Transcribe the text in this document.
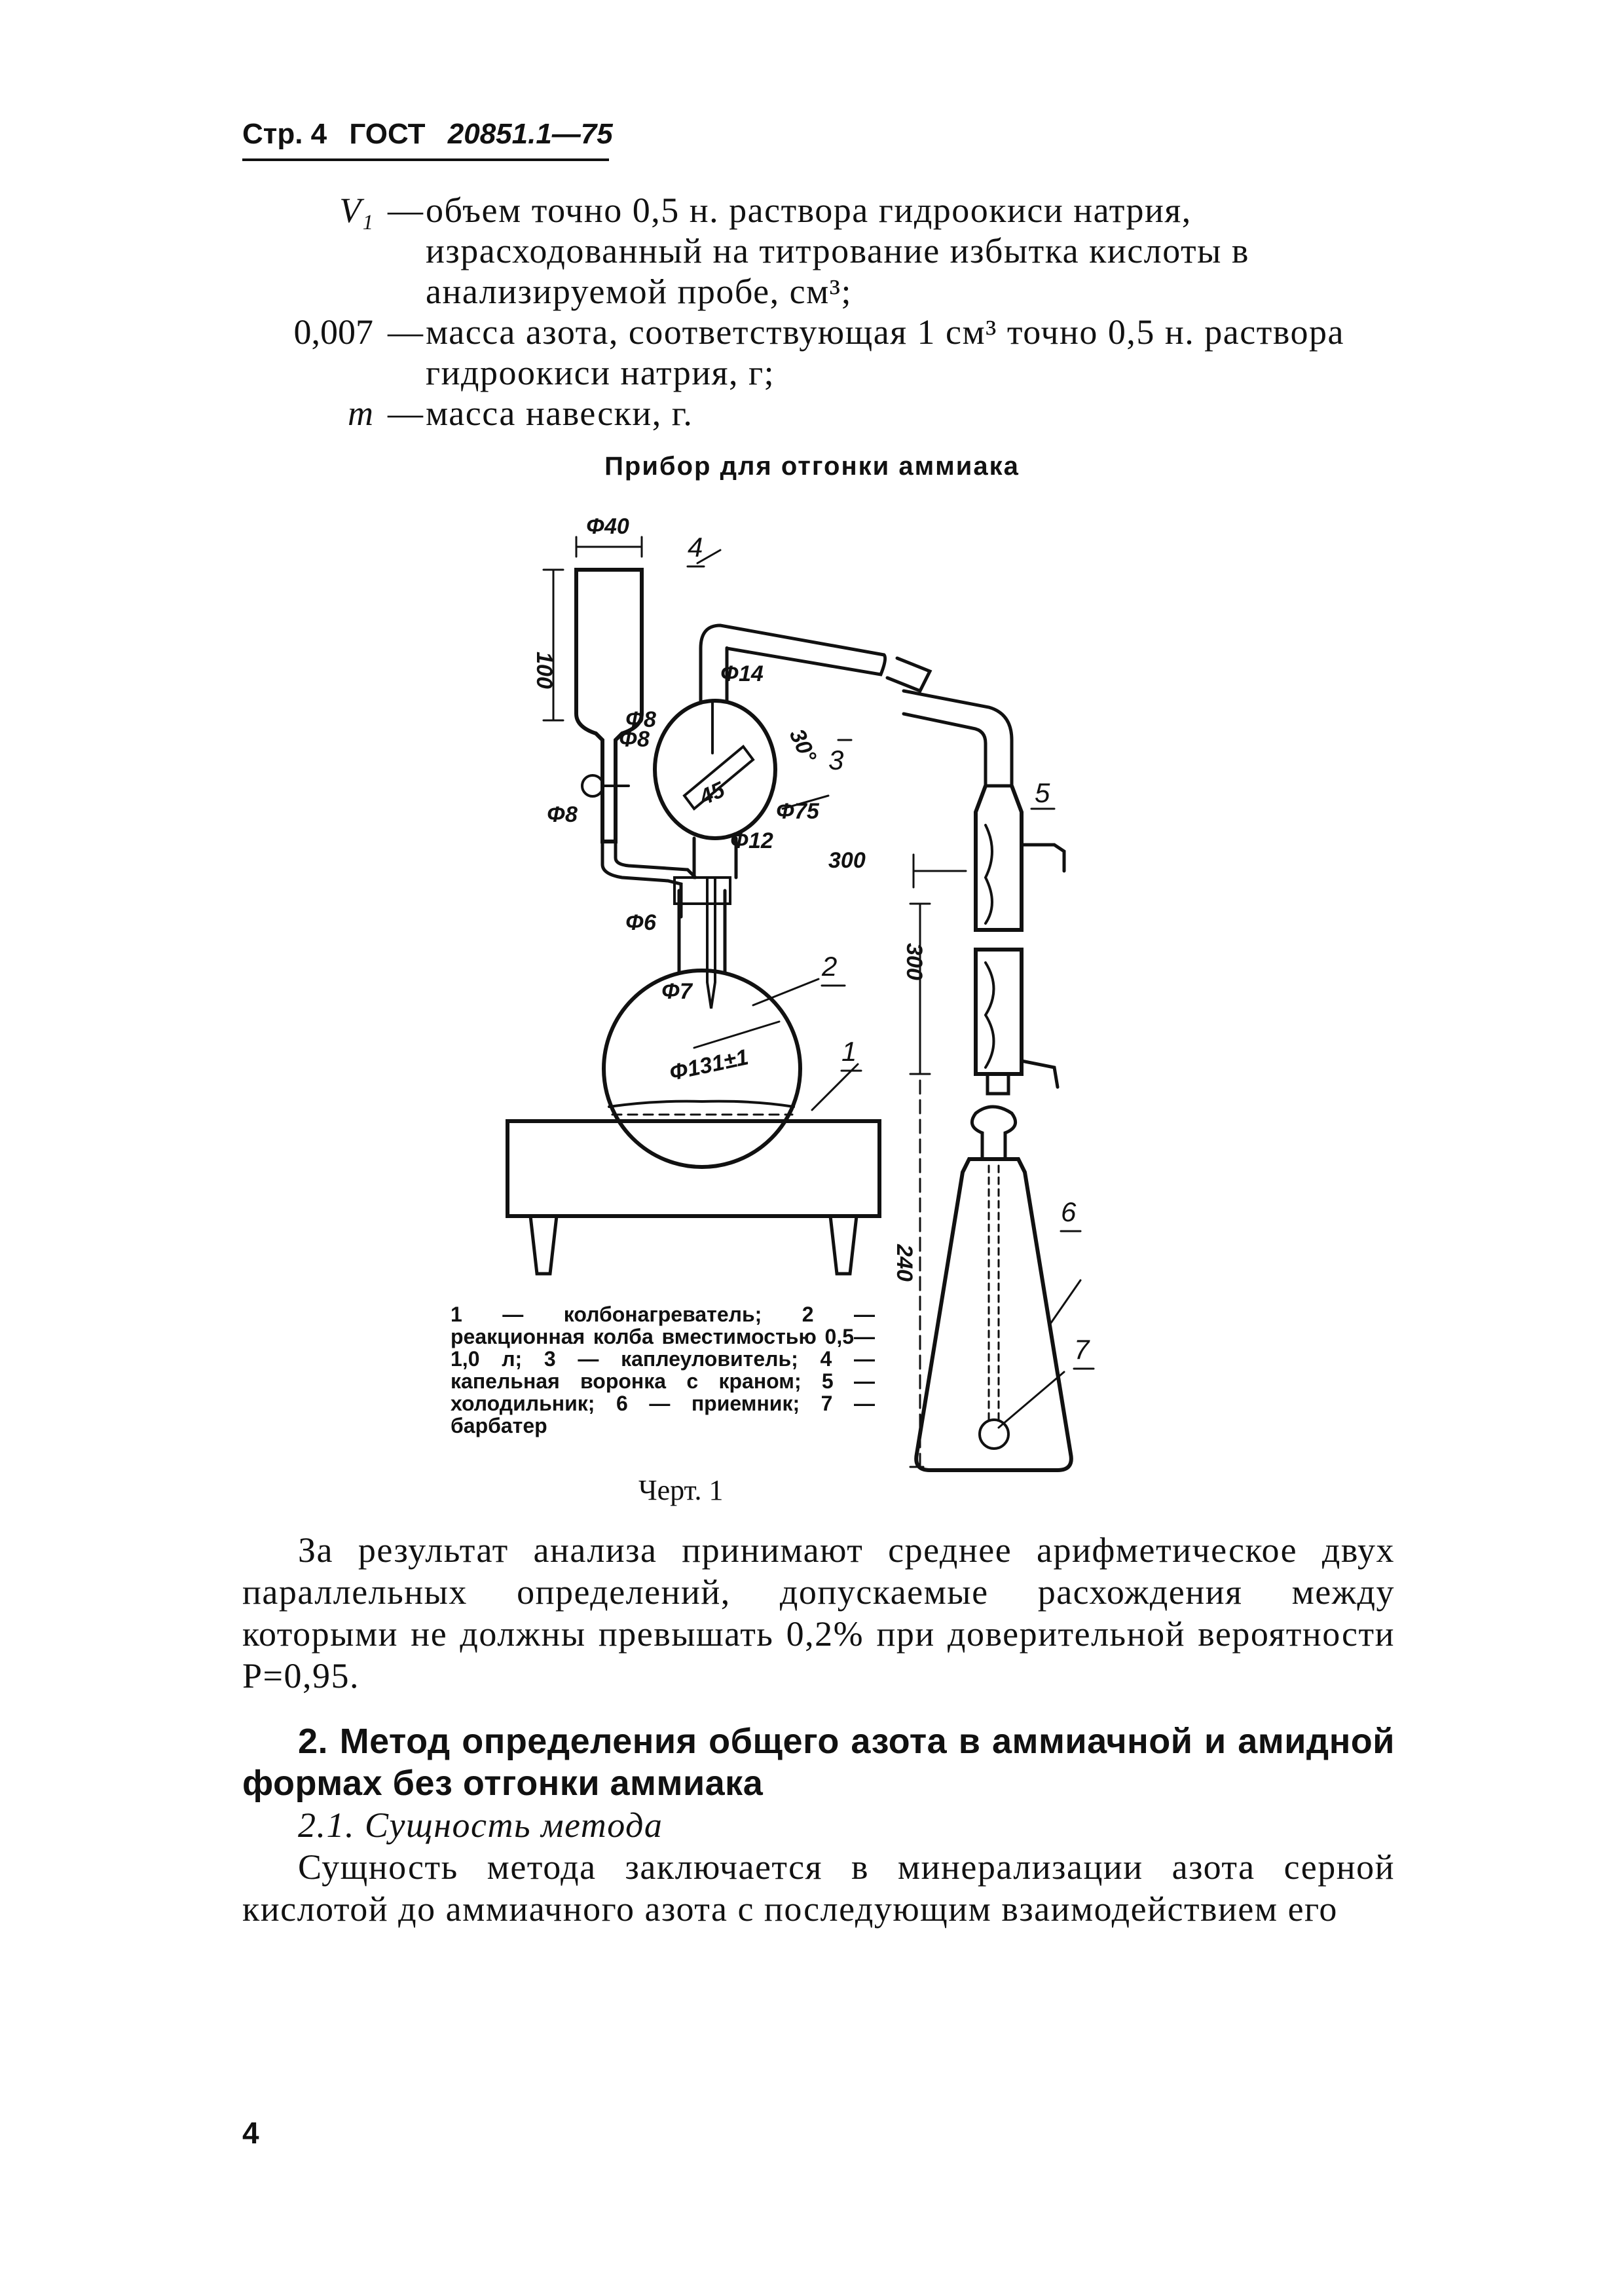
Стр. 4 ГОСТ 20851.1—75
V₁ — объем точно 0,5 н. раствора гидроокиси натрия, израсходованный на титрование избытка кислоты в анализируемой пробе, см³;
0,007 — масса азота, соответствующая 1 см³ точно 0,5 н. раствора гидроокиси натрия, г;
m — масса навески, г.
Прибор для отгонки аммиака
Φ40
100	Φ14
Φ8
Φ8
Φ8
30°
45
Φ75
Φ12
300
300
Φ6
Φ7
Φ131±1
240
1
2
3
4
5
6
7
1 — колбонагреватель; 2 — реакционная колба вместимостью 0,5—1,0 л; 3 — каплеуловитель; 4 — капельная воронка с краном; 5 — холодильник; 6 — приемник; 7 — барбатер
Черт. 1

За результат анализа принимают среднее арифметическое двух параллельных определений, допускаемые расхождения между которыми не должны превышать 0,2% при доверительной вероятности P=0,95.

2. Метод определения общего азота в аммиачной и амидной формах без отгонки аммиака

2.1. Сущность метода

Сущность метода заключается в минерализации азота серной кислотой до аммиачного азота с последующим взаимодействием его

4
